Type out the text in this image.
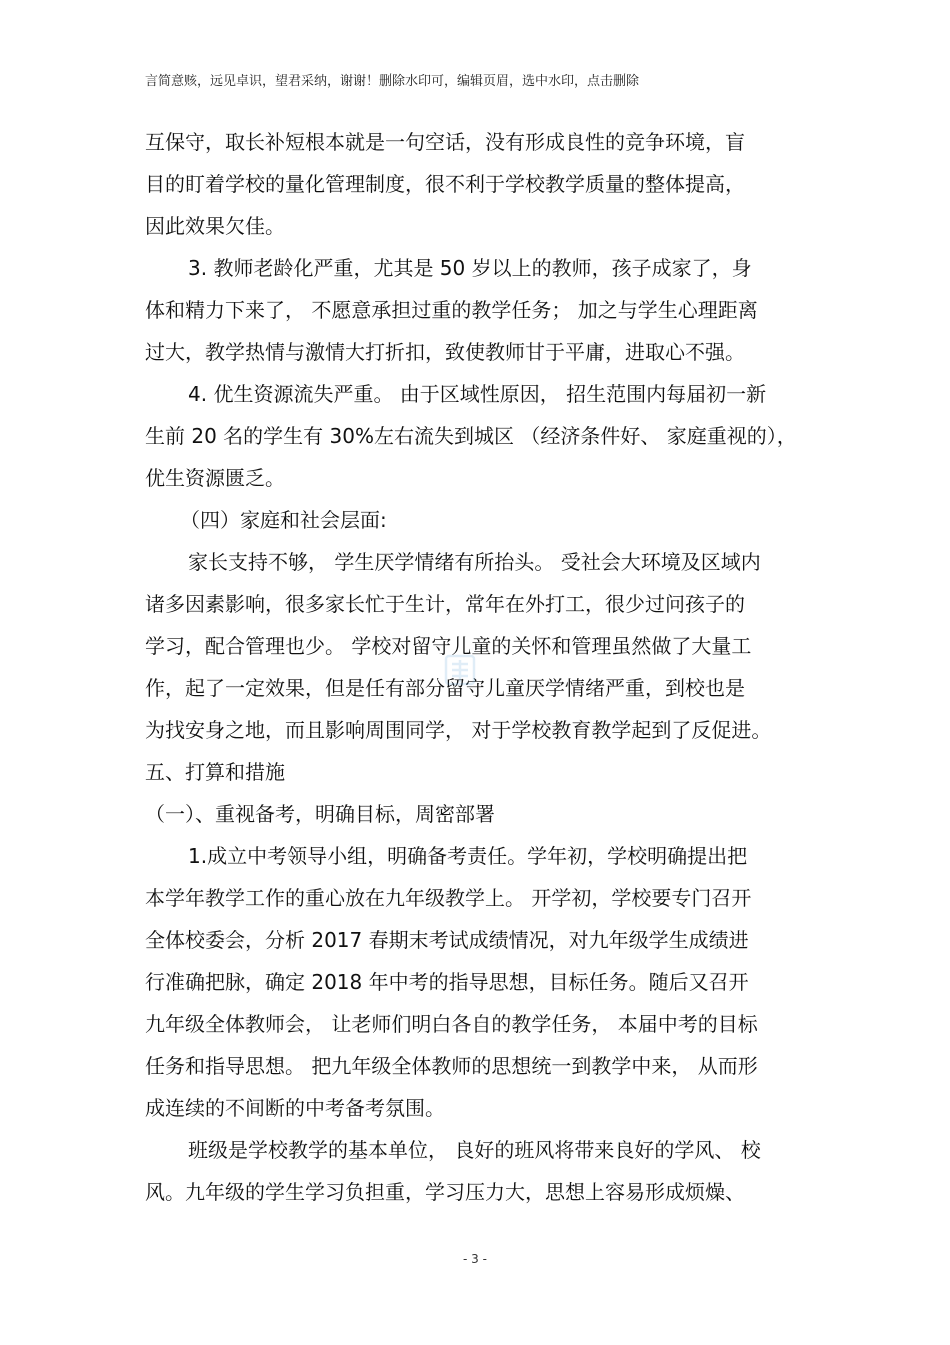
言简意赅，远见卓识，望君采纳，谢谢！删除水印可，编辑页眉，选中水印，点击删除
互保守，取长补短根本就是一句空话，没有形成良性的竞争环境，盲
目的盯着学校的量化管理制度，很不利于学校教学质量的整体提高，
因此效果欠佳。
3. 教师老龄化严重，尤其是 50 岁以上的教师，孩子成家了，身
体和精力下来了， 不愿意承担过重的教学任务； 加之与学生心理距离
过大，教学热情与激情大打折扣，致使教师甘于平庸，进取心不强。
4. 优生资源流失严重。 由于区域性原因， 招生范围内每届初一新
生前 20 名的学生有 30%左右流失到城区 （经济条件好、 家庭重视的），
优生资源匮乏。
（四）家庭和社会层面:
家长支持不够， 学生厌学情绪有所抬头。 受社会大环境及区域内
诸多因素影响，很多家长忙于生计，常年在外打工，很少过问孩子的
学习，配合管理也少。 学校对留守儿童的关怀和管理虽然做了大量工
作，起了一定效果，但是任有部分留守儿童厌学情绪严重，到校也是
为找安身之地，而且影响周围同学， 对于学校教育教学起到了反促进。
五、打算和措施
（一）、重视备考，明确目标，周密部署
1.成立中考领导小组，明确备考责任。学年初，学校明确提出把
本学年教学工作的重心放在九年级教学上。 开学初，学校要专门召开
全体校委会，分析 2017 春期末考试成绩情况，对九年级学生成绩进
行准确把脉，确定 2018 年中考的指导思想，目标任务。随后又召开
九年级全体教师会， 让老师们明白各自的教学任务， 本届中考的目标
任务和指导思想。 把九年级全体教师的思想统一到教学中来， 从而形
成连续的不间断的中考备考氛围。
班级是学校教学的基本单位， 良好的班风将带来良好的学风、 校
风。九年级的学生学习负担重，学习压力大，思想上容易形成烦燥、
- 3 -
